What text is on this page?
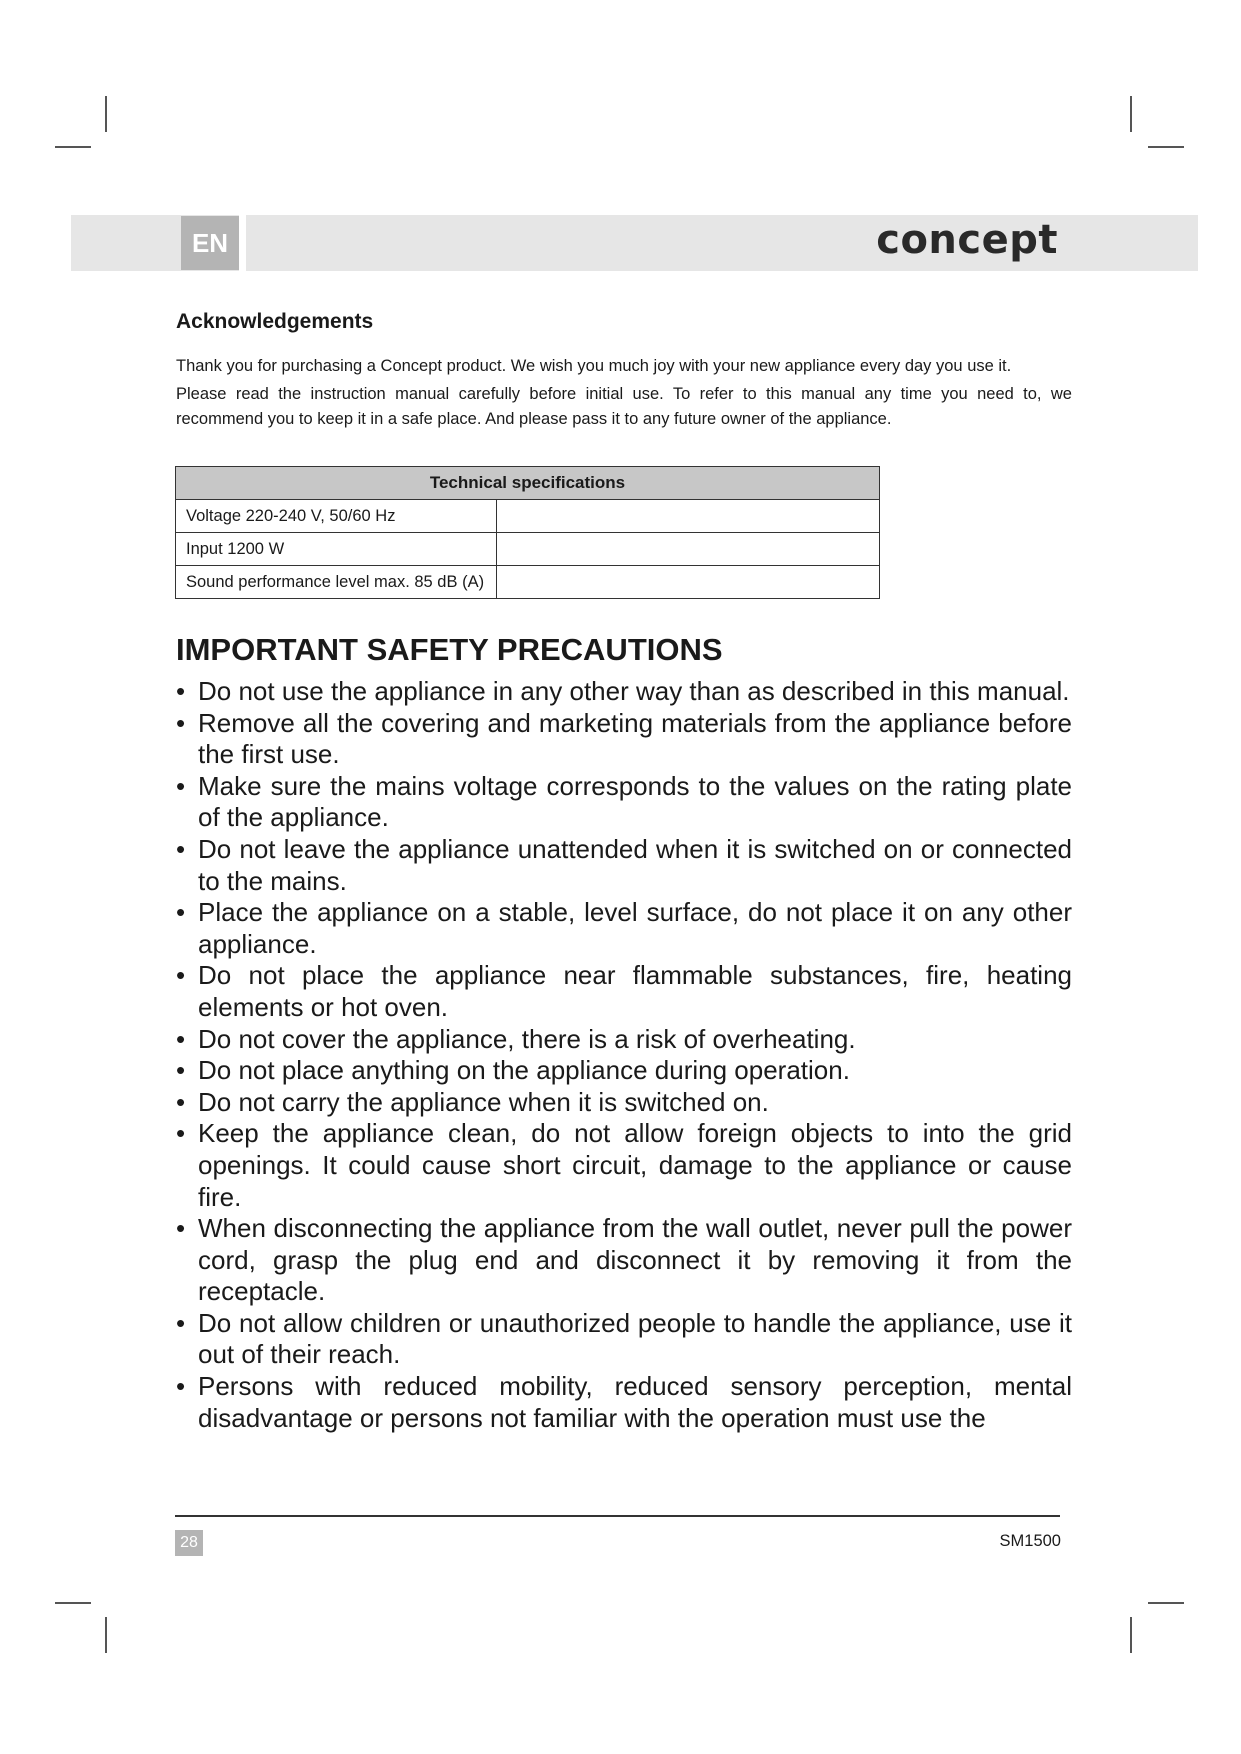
EN	concept
Acknowledgements

Thank you for purchasing a Concept product. We wish you much joy with your new appliance every day you use it.

Please read the instruction manual carefully before initial use. To refer to this manual any time you need to, we recommend you to keep it in a safe place. And please pass it to any future owner of the appliance.

Technical specifications	
Voltage 220-240 V, 50/60 Hz	
Input 1200 W	
Sound performance level max. 85 dB (A)	
IMPORTANT SAFETY PRECAUTIONS
• Do not use the appliance in any other way than as described in this manual.
• Remove all the covering and marketing materials from the appliance before the first use.
• Make sure the mains voltage corresponds to the values on the rating plate of the appliance.
• Do not leave the appliance unattended when it is switched on or connected to the mains.
• Place the appliance on a stable, level surface, do not place it on any other appliance.
• Do not place the appliance near flammable substances, fire, heating elements or hot oven.
• Do not cover the appliance, there is a risk of overheating.
• Do not place anything on the appliance during operation.
• Do not carry the appliance when it is switched on.
• Keep the appliance clean, do not allow foreign objects to into the grid openings. It could cause short circuit, damage to the appliance or cause fire.
• When disconnecting the appliance from the wall outlet, never pull the power cord, grasp the plug end and disconnect it by removing it from the receptacle.
• Do not allow children or unauthorized people to handle the appliance, use it out of their reach.
• Persons with reduced mobility, reduced sensory perception, mental disadvantage or persons not familiar with the operation must use the
28	SM1500
